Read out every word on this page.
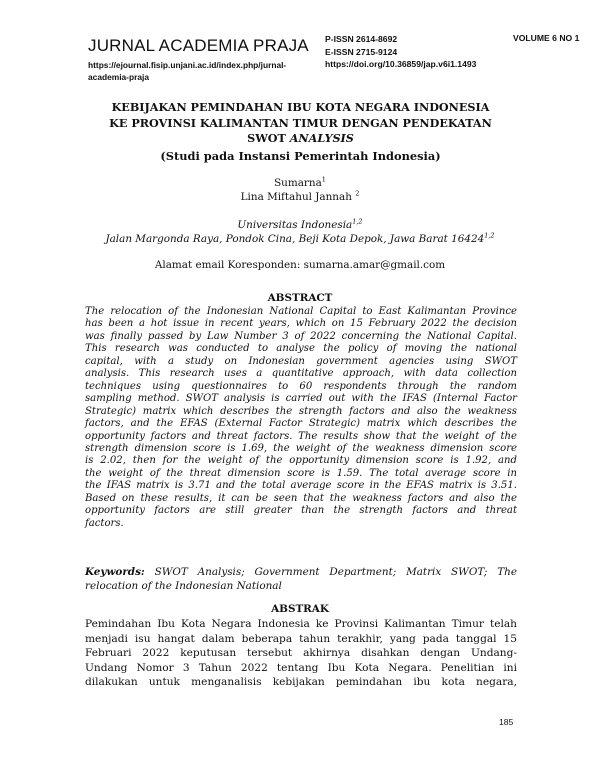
JURNAL ACADEMIA PRAJA
https://ejournal.fisip.unjani.ac.id/index.php/jurnal-
academia-praja
P-ISSN 2614-8692
E-ISSN 2715-9124
https://doi.org/10.36859/jap.v6i1.1493
VOLUME 6 NO 1
KEBIJAKAN PEMINDAHAN IBU KOTA NEGARA INDONESIA
KE PROVINSI KALIMANTAN TIMUR DENGAN PENDEKATAN
SWOT ANALYSIS
(Studi pada Instansi Pemerintah Indonesia)
Sumarna$^1$
Lina Miftahul Jannah $^2$
Universitas Indonesia$^{1,2}$
Jalan Margonda Raya, Pondok Cina, Beji Kota Depok, Jawa Barat 16424$^{1,2}$
Alamat email Koresponden: sumarna.amar@gmail.com
ABSTRACT
The relocation of the Indonesian National Capital to East Kalimantan Province
has been a hot issue in recent years, which on 15 February 2022 the decision
was finally passed by Law Number 3 of 2022 concerning the National Capital.
This research was conducted to analyse the policy of moving the national
capital, with a study on Indonesian government agencies using SWOT
analysis. This research uses a quantitative approach, with data collection
techniques using questionnaires to 60 respondents through the random
sampling method. SWOT analysis is carried out with the IFAS (Internal Factor
Strategic) matrix which describes the strength factors and also the weakness
factors, and the EFAS (External Factor Strategic) matrix which describes the
opportunity factors and threat factors. The results show that the weight of the
strength dimension score is 1.69, the weight of the weakness dimension score
is 2.02, then for the weight of the opportunity dimension score is 1.92, and
the weight of the threat dimension score is 1.59. The total average score in
the IFAS matrix is 3.71 and the total average score in the EFAS matrix is 3.51.
Based on these results, it can be seen that the weakness factors and also the
opportunity factors are still greater than the strength factors and threat
factors.
Keywords: SWOT Analysis; Government Department; Matrix SWOT; The
relocation of the Indonesian National
ABSTRAK
Pemindahan Ibu Kota Negara Indonesia ke Provinsi Kalimantan Timur telah
menjadi isu hangat dalam beberapa tahun terakhir, yang pada tanggal 15
Februari 2022 keputusan tersebut akhirnya disahkan dengan Undang-
Undang Nomor 3 Tahun 2022 tentang Ibu Kota Negara. Penelitian ini
dilakukan untuk menganalisis kebijakan pemindahan ibu kota negara,
185
